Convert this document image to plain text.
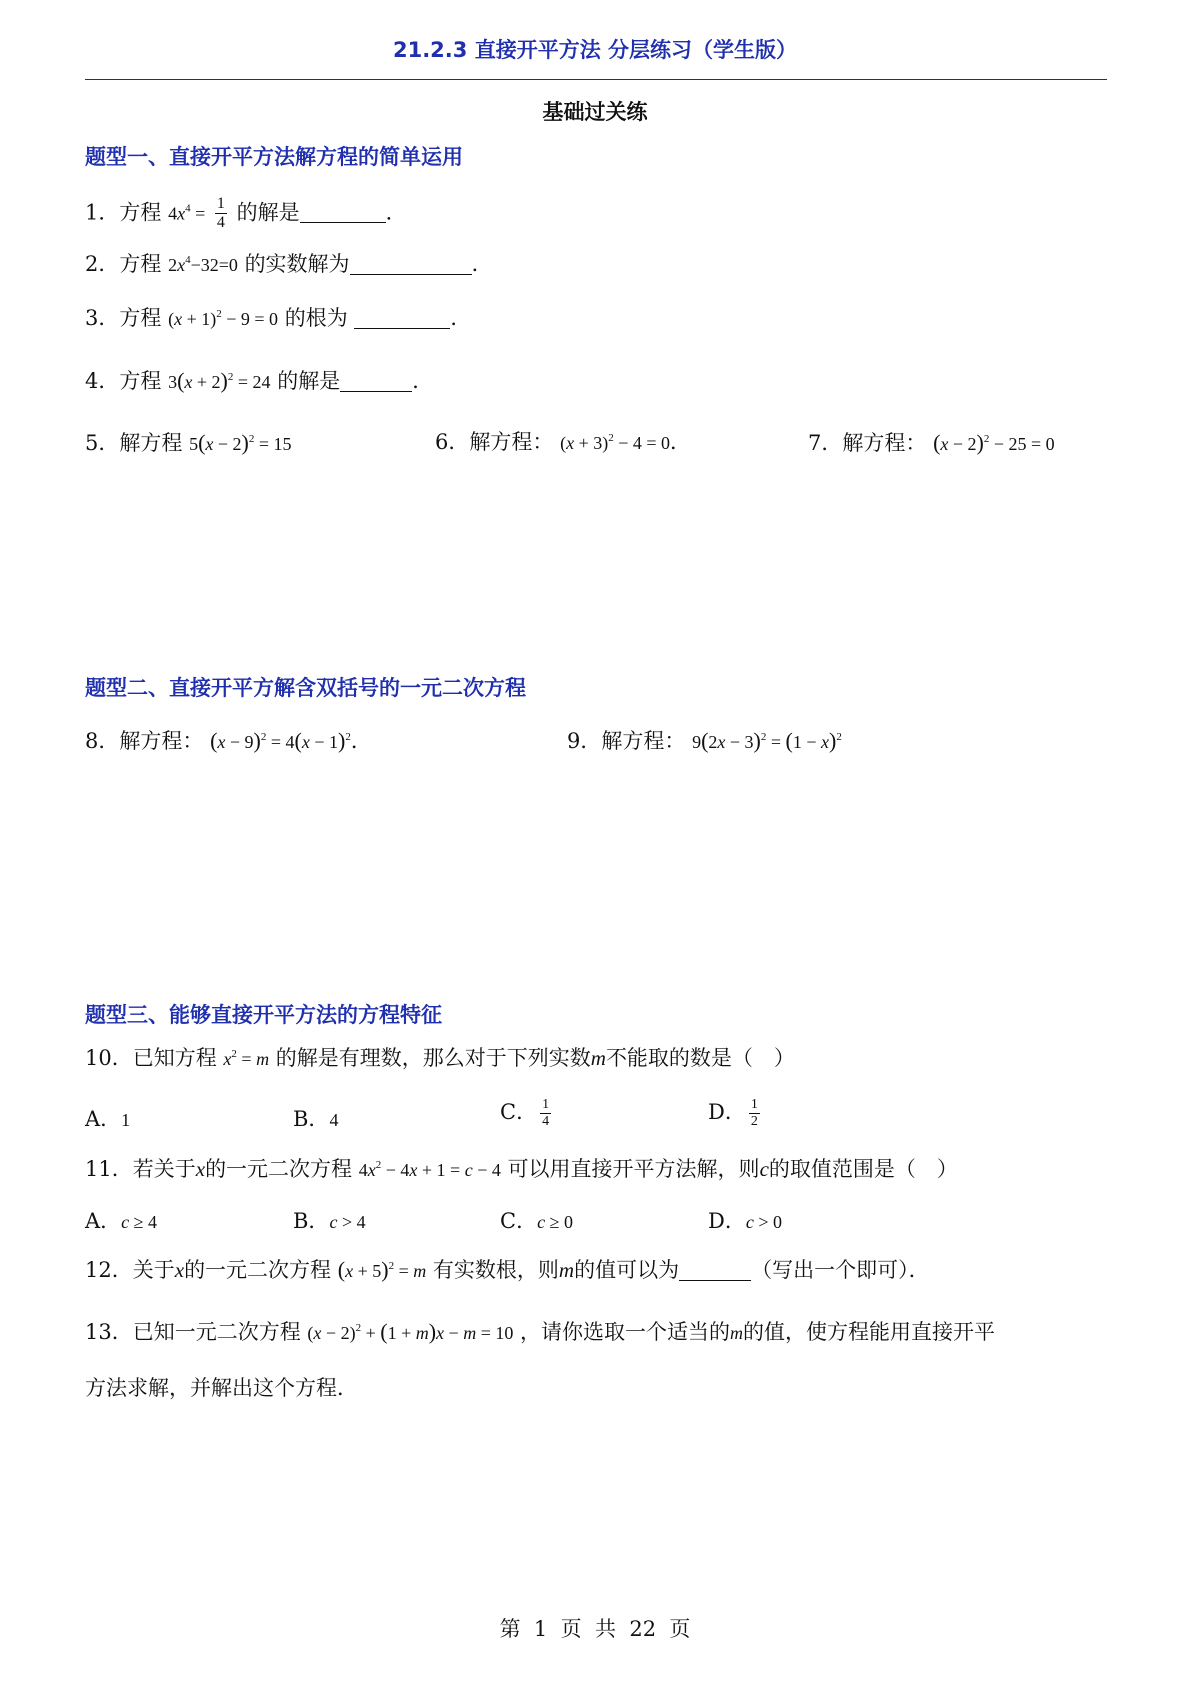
21.2.3 直接开平方法 分层练习（学生版）
基础过关练
题型一、直接开平方法解方程的简单运用
1．方程 $4x^4 = \frac{1}{4}$ 的解是	．
2．方程 $2x^4-32=0$ 的实数解为	．
3．方程 $(x + 1)^2 - 9 = 0$ 的根为	．
4．方程 $3(x + 2)^2 = 24$ 的解是	．
5．解方程 $5(x - 2)^2 = 15$	6．解方程： $(x + 3)^2 - 4 = 0$．	7．解方程： $(x - 2)^2 - 25 = 0$
题型二、直接开平方解含双括号的一元二次方程
8．解方程： $(x - 9)^2 = 4(x - 1)^2$．	9．解方程： $9(2x - 3)^2 = (1 - x)^2$
题型三、能够直接开平方法的方程特征
10．已知方程 $x^2 = m$ 的解是有理数，那么对于下列实数m不能取的数是（　）
A．1	B．4	C． $\frac{1}{4}$	D． $\frac{1}{2}$
11．若关于x的一元二次方程 $4x^2 - 4x + 1 = c - 4$ 可以用直接开平方法解，则c的取值范围是（　）
A．c ≥ 4	B．c > 4	C．c ≥ 0	D．c > 0
12．关于x的一元二次方程 $(x + 5)^2 = m$ 有实数根，则m的值可以为	（写出一个即可）．
13．已知一元二次方程 $(x - 2)^2 + (1 + m)x - m = 10$ ，请你选取一个适当的m的值，使方程能用直接开平
方法求解，并解出这个方程．
第  1  页  共  22  页
